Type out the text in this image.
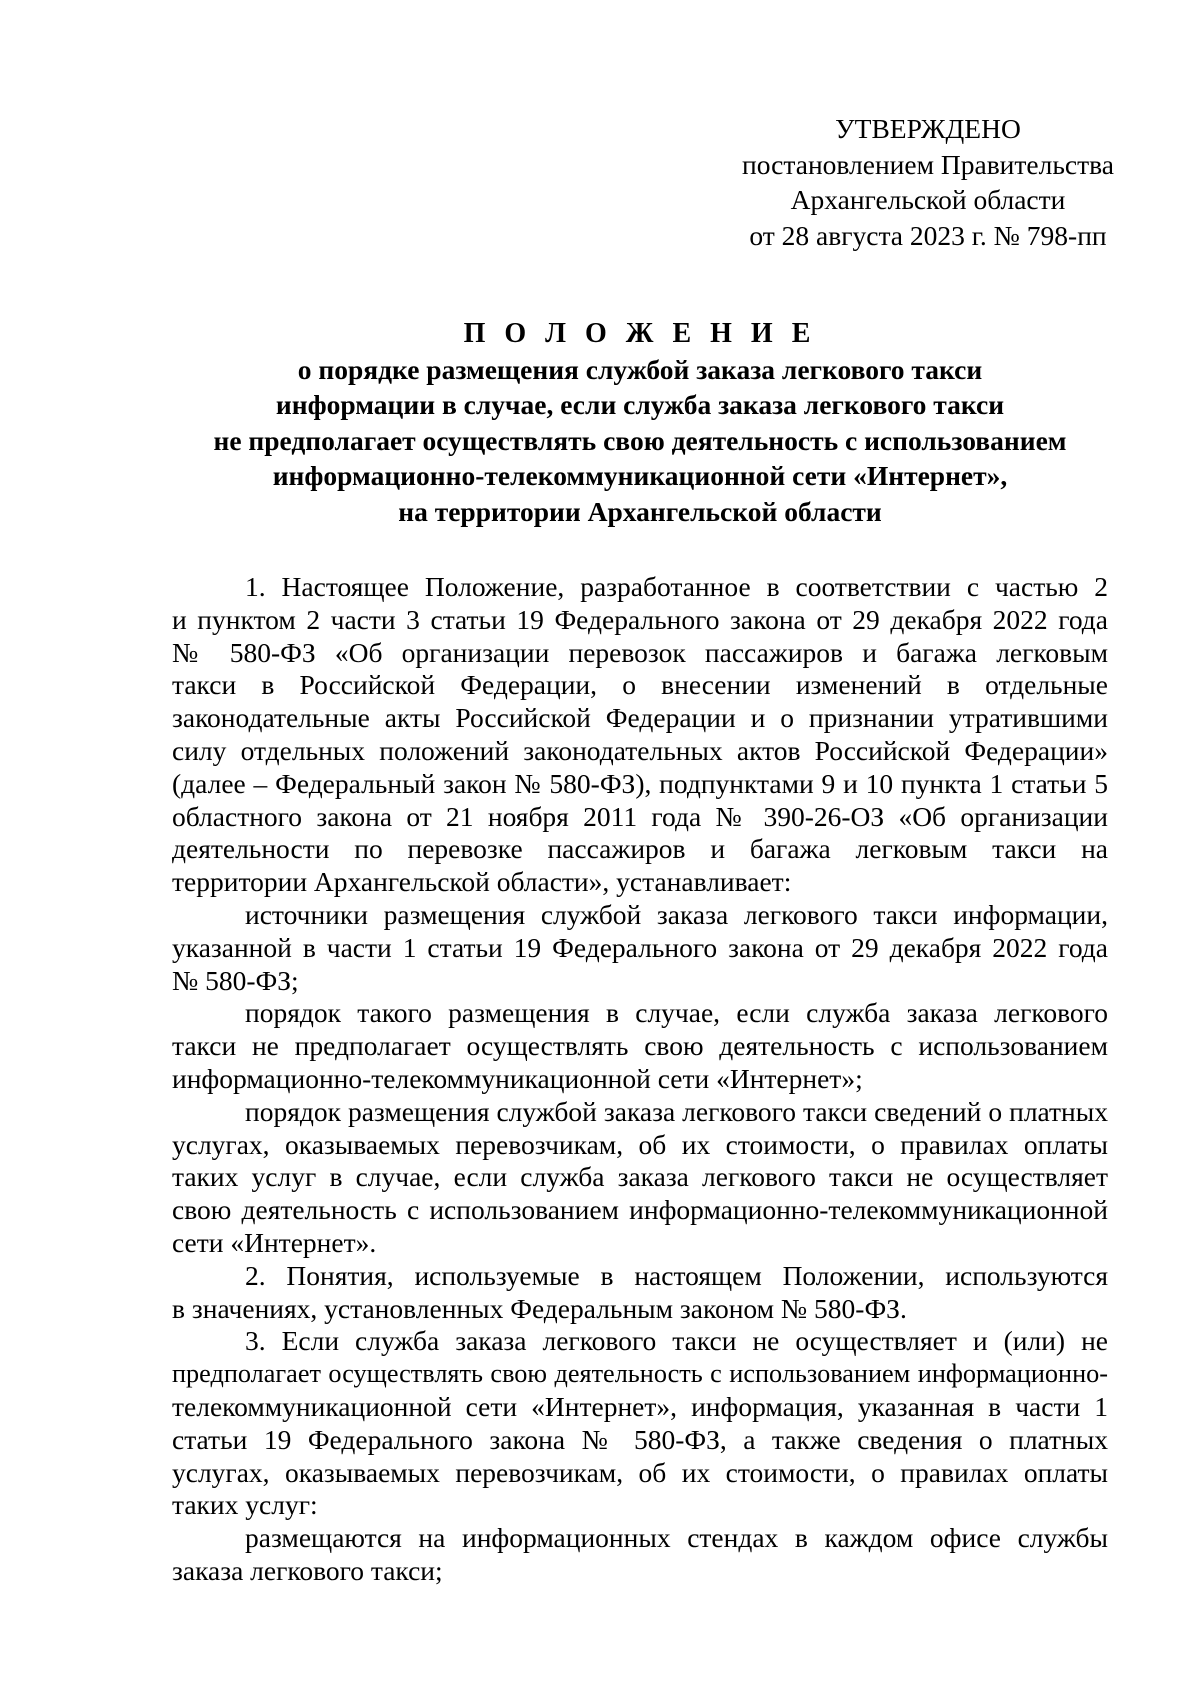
УТВЕРЖДЕНО
постановлением Правительства
Архангельской области
от 28 августа 2023 г. № 798-пп
П О Л О Ж Е Н И Е
о порядке размещения службой заказа легкового такси
информации в случае, если служба заказа легкового такси
не предполагает осуществлять свою деятельность с использованием
информационно-телекоммуникационной сети «Интернет»,
на территории Архангельской области
1. Настоящее Положение, разработанное в соответствии с частью 2
и пунктом 2 части 3 статьи 19 Федерального закона от 29 декабря 2022 года
№ 580-ФЗ «Об организации перевозок пассажиров и багажа легковым
такси в Российской Федерации, о внесении изменений в отдельные
законодательные акты Российской Федерации и о признании утратившими
силу отдельных положений законодательных актов Российской Федерации»
(далее – Федеральный закон № 580-ФЗ), подпунктами 9 и 10 пункта 1 статьи 5
областного закона от 21 ноября 2011 года № 390-26-ОЗ «Об организации
деятельности по перевозке пассажиров и багажа легковым такси на
территории Архангельской области», устанавливает:
источники размещения службой заказа легкового такси информации,
указанной в части 1 статьи 19 Федерального закона от 29 декабря 2022 года
№ 580-ФЗ;
порядок такого размещения в случае, если служба заказа легкового
такси не предполагает осуществлять свою деятельность с использованием
информационно-телекоммуникационной сети «Интернет»;
порядок размещения службой заказа легкового такси сведений о платных
услугах, оказываемых перевозчикам, об их стоимости, о правилах оплаты
таких услуг в случае, если служба заказа легкового такси не осуществляет
свою деятельность с использованием информационно-телекоммуникационной
сети «Интернет».
2. Понятия, используемые в настоящем Положении, используются
в значениях, установленных Федеральным законом № 580-ФЗ.
3. Если служба заказа легкового такси не осуществляет и (или) не
предполагает осуществлять свою деятельность с использованием информационно-
телекоммуникационной сети «Интернет», информация, указанная в части 1
статьи 19 Федерального закона № 580-ФЗ, а также сведения о платных
услугах, оказываемых перевозчикам, об их стоимости, о правилах оплаты
таких услуг:
размещаются на информационных стендах в каждом офисе службы
заказа легкового такси;
